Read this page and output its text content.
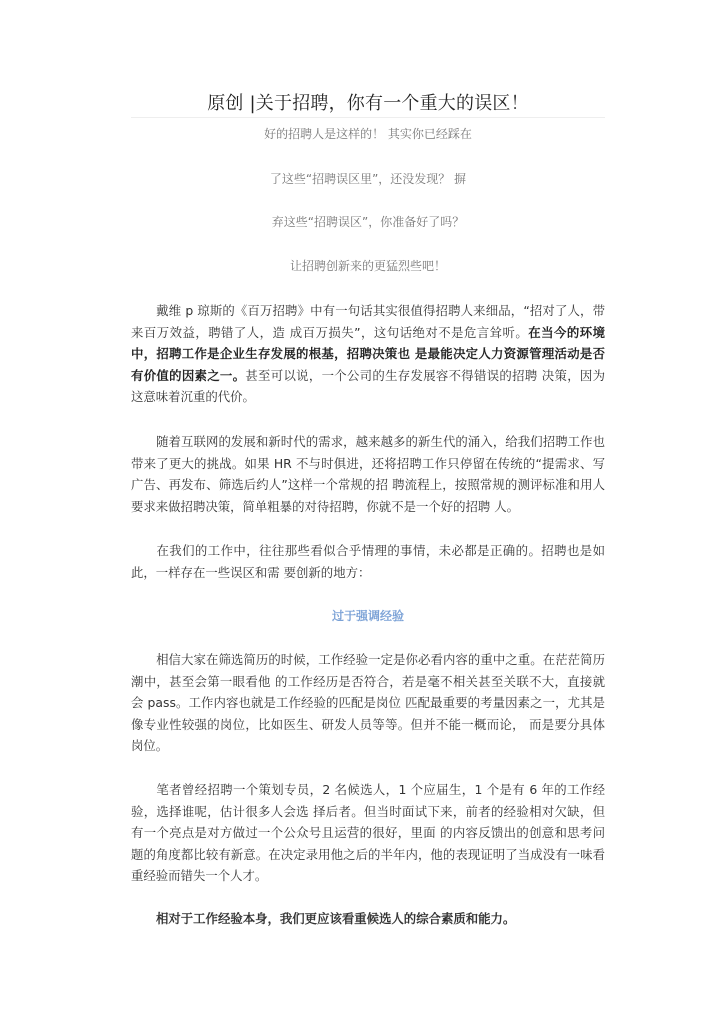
原创 |关于招聘，你有一个重大的误区！
好的招聘人是这样的！ 其实你已经踩在
了这些“招聘误区里”，还没发现？ 摒
弃这些“招聘误区”，你准备好了吗？
让招聘创新来的更猛烈些吧！
戴维 p 琼斯的《百万招聘》中有一句话其实很值得招聘人来细品，“招对了人，带来百万效益，聘错了人，造 成百万损失”，这句话绝对不是危言耸听。在当今的环境中，招聘工作是企业生存发展的根基，招聘决策也 是最能决定人力资源管理活动是否有价值的因素之一。甚至可以说，一个公司的生存发展容不得错误的招聘 决策，因为这意味着沉重的代价。
随着互联网的发展和新时代的需求，越来越多的新生代的涌入，给我们招聘工作也带来了更大的挑战。如果 HR 不与时俱进，还将招聘工作只停留在传统的“提需求、写广告、再发布、筛选后约人”这样一个常规的招 聘流程上，按照常规的测评标准和用人要求来做招聘决策，简单粗暴的对待招聘，你就不是一个好的招聘 人。
在我们的工作中，往往那些看似合乎情理的事情，未必都是正确的。招聘也是如此，一样存在一些误区和需 要创新的地方：
过于强调经验
相信大家在筛选简历的时候，工作经验一定是你必看内容的重中之重。在茫茫简历潮中，甚至会第一眼看他 的工作经历是否符合，若是毫不相关甚至关联不大，直接就会 pass。工作内容也就是工作经验的匹配是岗位 匹配最重要的考量因素之一，尤其是像专业性较强的岗位，比如医生、研发人员等等。但并不能一概而论， 而是要分具体岗位。
笔者曾经招聘一个策划专员，2 名候选人，1 个应届生，1 个是有 6 年的工作经验，选择谁呢，估计很多人会选 择后者。但当时面试下来，前者的经验相对欠缺，但有一个亮点是对方做过一个公众号且运营的很好，里面 的内容反馈出的创意和思考问题的角度都比较有新意。在决定录用他之后的半年内，他的表现证明了当成没有一味看重经验而错失一个人才。
相对于工作经验本身，我们更应该看重候选人的综合素质和能力。
